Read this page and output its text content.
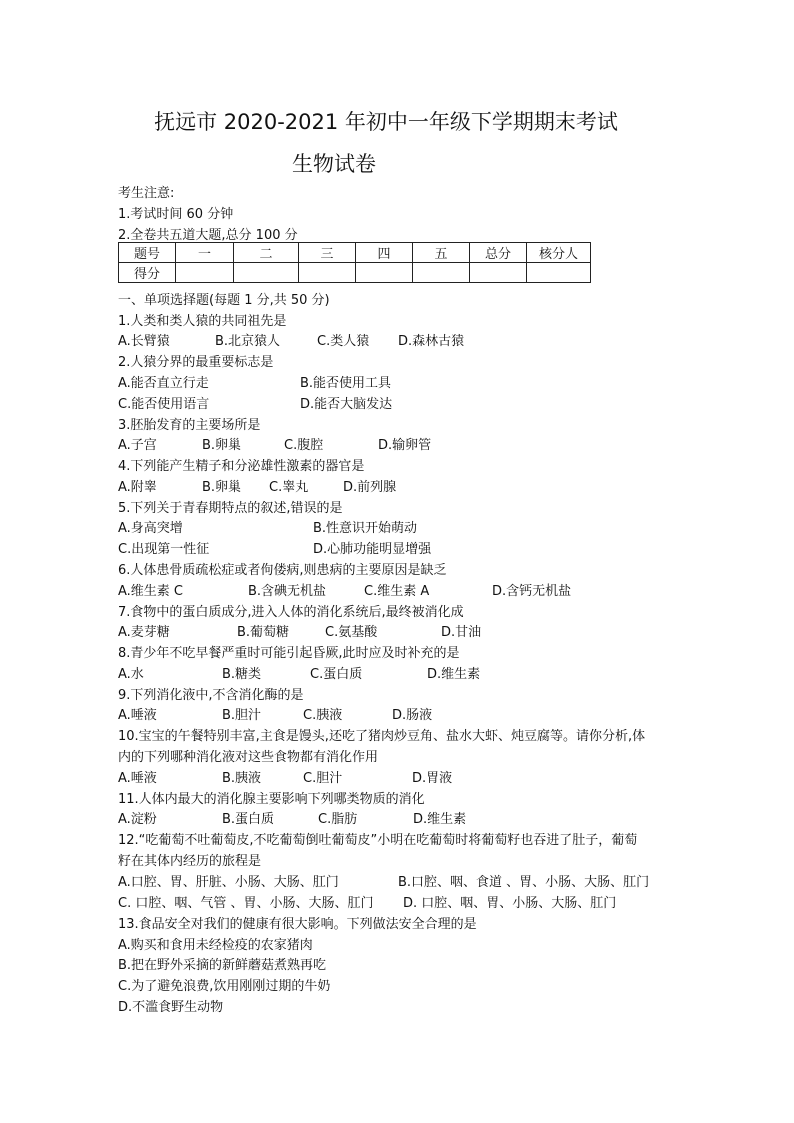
抚远市 2020-2021 年初中一年级下学期期末考试
生物试卷
考生注意:
1.考试时间 60 分钟
2.全卷共五道大题,总分 100 分
题号	一	二	三	四	五	总分	核分人
得分							
一、单项选择题(每题 1 分,共 50 分)
1.人类和类人猿的共同祖先是
A.长臂猿	B.北京猿人	C.类人猿 D.森林古猿
2.人猿分界的最重要标志是
A.能否直立行走	B.能否使用工具
C.能否使用语言	D.能否大脑发达
3.胚胎发育的主要场所是
A.子宫	B.卵巢	C.腹腔	D.输卵管
4.下列能产生精子和分泌雄性激素的器官是
A.附睾	B.卵巢 C.睾丸	D.前列腺
5.下列关于青春期特点的叙述,错误的是
A.身高突增	B.性意识开始萌动
C.出现第一性征	D.心肺功能明显增强
6.人体患骨质疏松症或者佝偻病,则患病的主要原因是缺乏
A.维生素 C	B.含碘无机盐	C.维生素 A	D.含钙无机盐
7.食物中的蛋白质成分,进入人体的消化系统后,最终被消化成
A.麦芽糖	B.葡萄糖	C.氨基酸	D.甘油
8.青少年不吃早餐严重时可能引起昏厥,此时应及时补充的是
A.水	B.糖类	C.蛋白质	D.维生素
9.下列消化液中,不含消化酶的是
A.唾液	B.胆汁	C.胰液	D.肠液
10.宝宝的午餐特别丰富,主食是馒头,还吃了猪肉炒豆角、盐水大虾、炖豆腐等。请你分析,体
内的下列哪种消化液对这些食物都有消化作用
A.唾液	B.胰液	C.胆汁	D.胃液
11.人体内最大的消化腺主要影响下列哪类物质的消化
A.淀粉	B.蛋白质	C.脂肪	D.维生素
12.“吃葡萄不吐葡萄皮,不吃葡萄倒吐葡萄皮”小明在吃葡萄时将葡萄籽也吞进了肚子，葡萄
籽在其体内经历的旅程是
A.口腔、胃、肝脏、小肠、大肠、肛门	B.口腔、咽、食道 、胃、小肠、大肠、肛门
C. 口腔、咽、气管 、胃、小肠、大肠、肛门 D. 口腔、咽、胃、小肠、大肠、肛门
13.食品安全对我们的健康有很大影响。下列做法安全合理的是
A.购买和食用未经检疫的农家猪肉
B.把在野外采摘的新鲜蘑菇煮熟再吃
C.为了避免浪费,饮用刚刚过期的牛奶
D.不滥食野生动物
